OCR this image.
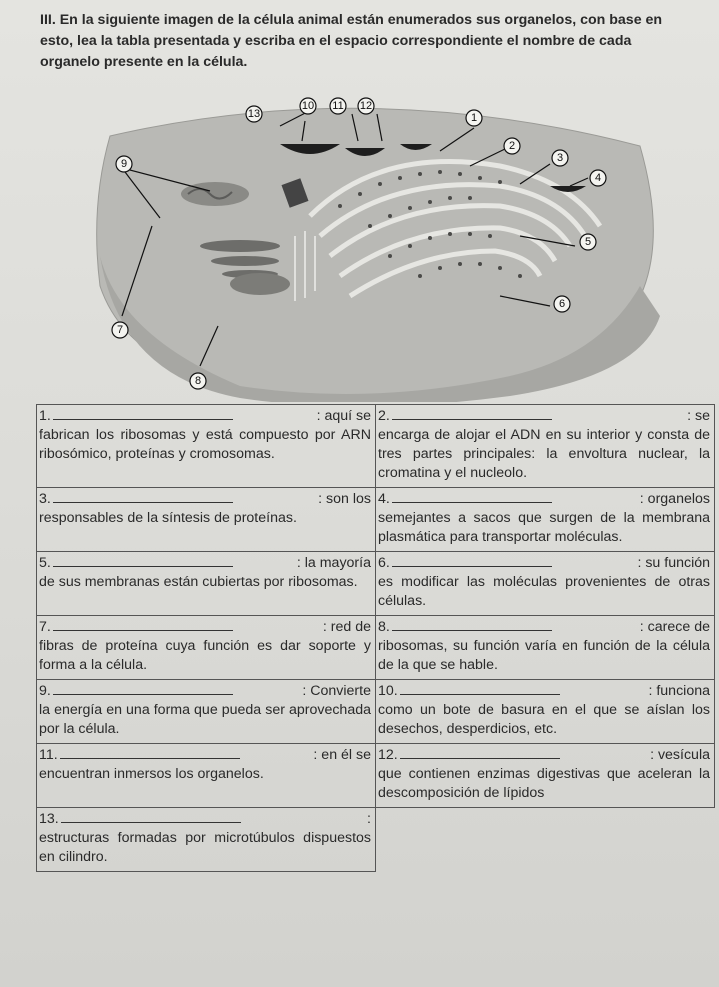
III. En la siguiente imagen de la célula animal están enumerados sus organelos, con base en esto, lea la tabla presentada y escriba en el espacio correspondiente el nombre de cada organelo presente en la célula.
1
2
3
4
5
6
7
8
9
10 11 12
13
1. : aquí se
fabrican los ribosomas y está compuesto por ARN ribosómico, proteínas y cromosomas.	2. : se
encarga de alojar el ADN en su interior y consta de tres partes principales: la envoltura nuclear, la cromatina y el nucleolo.

3. : son los
responsables de la síntesis de proteínas.	4. : organelos
semejantes a sacos que surgen de la membrana plasmática para transportar moléculas.

5. : la mayoría
de sus membranas están cubiertas por ribosomas.	6. : su función
es modificar las moléculas provenientes de otras células.

7. : red de
fibras de proteína cuya función es dar soporte y forma a la célula.	8. : carece de
ribosomas, su función varía en función de la célula de la que se hable.

9. : Convierte
la energía en una forma que pueda ser aprovechada por la célula.	10. : funciona
como un bote de basura en el que se aíslan los desechos, desperdicios, etc.

11. : en él se
encuentran inmersos los organelos.	12. : vesícula
que contienen enzimas digestivas que aceleran la descomposición de lípidos

13. :
estructuras formadas por microtúbulos dispuestos en cilindro.	
